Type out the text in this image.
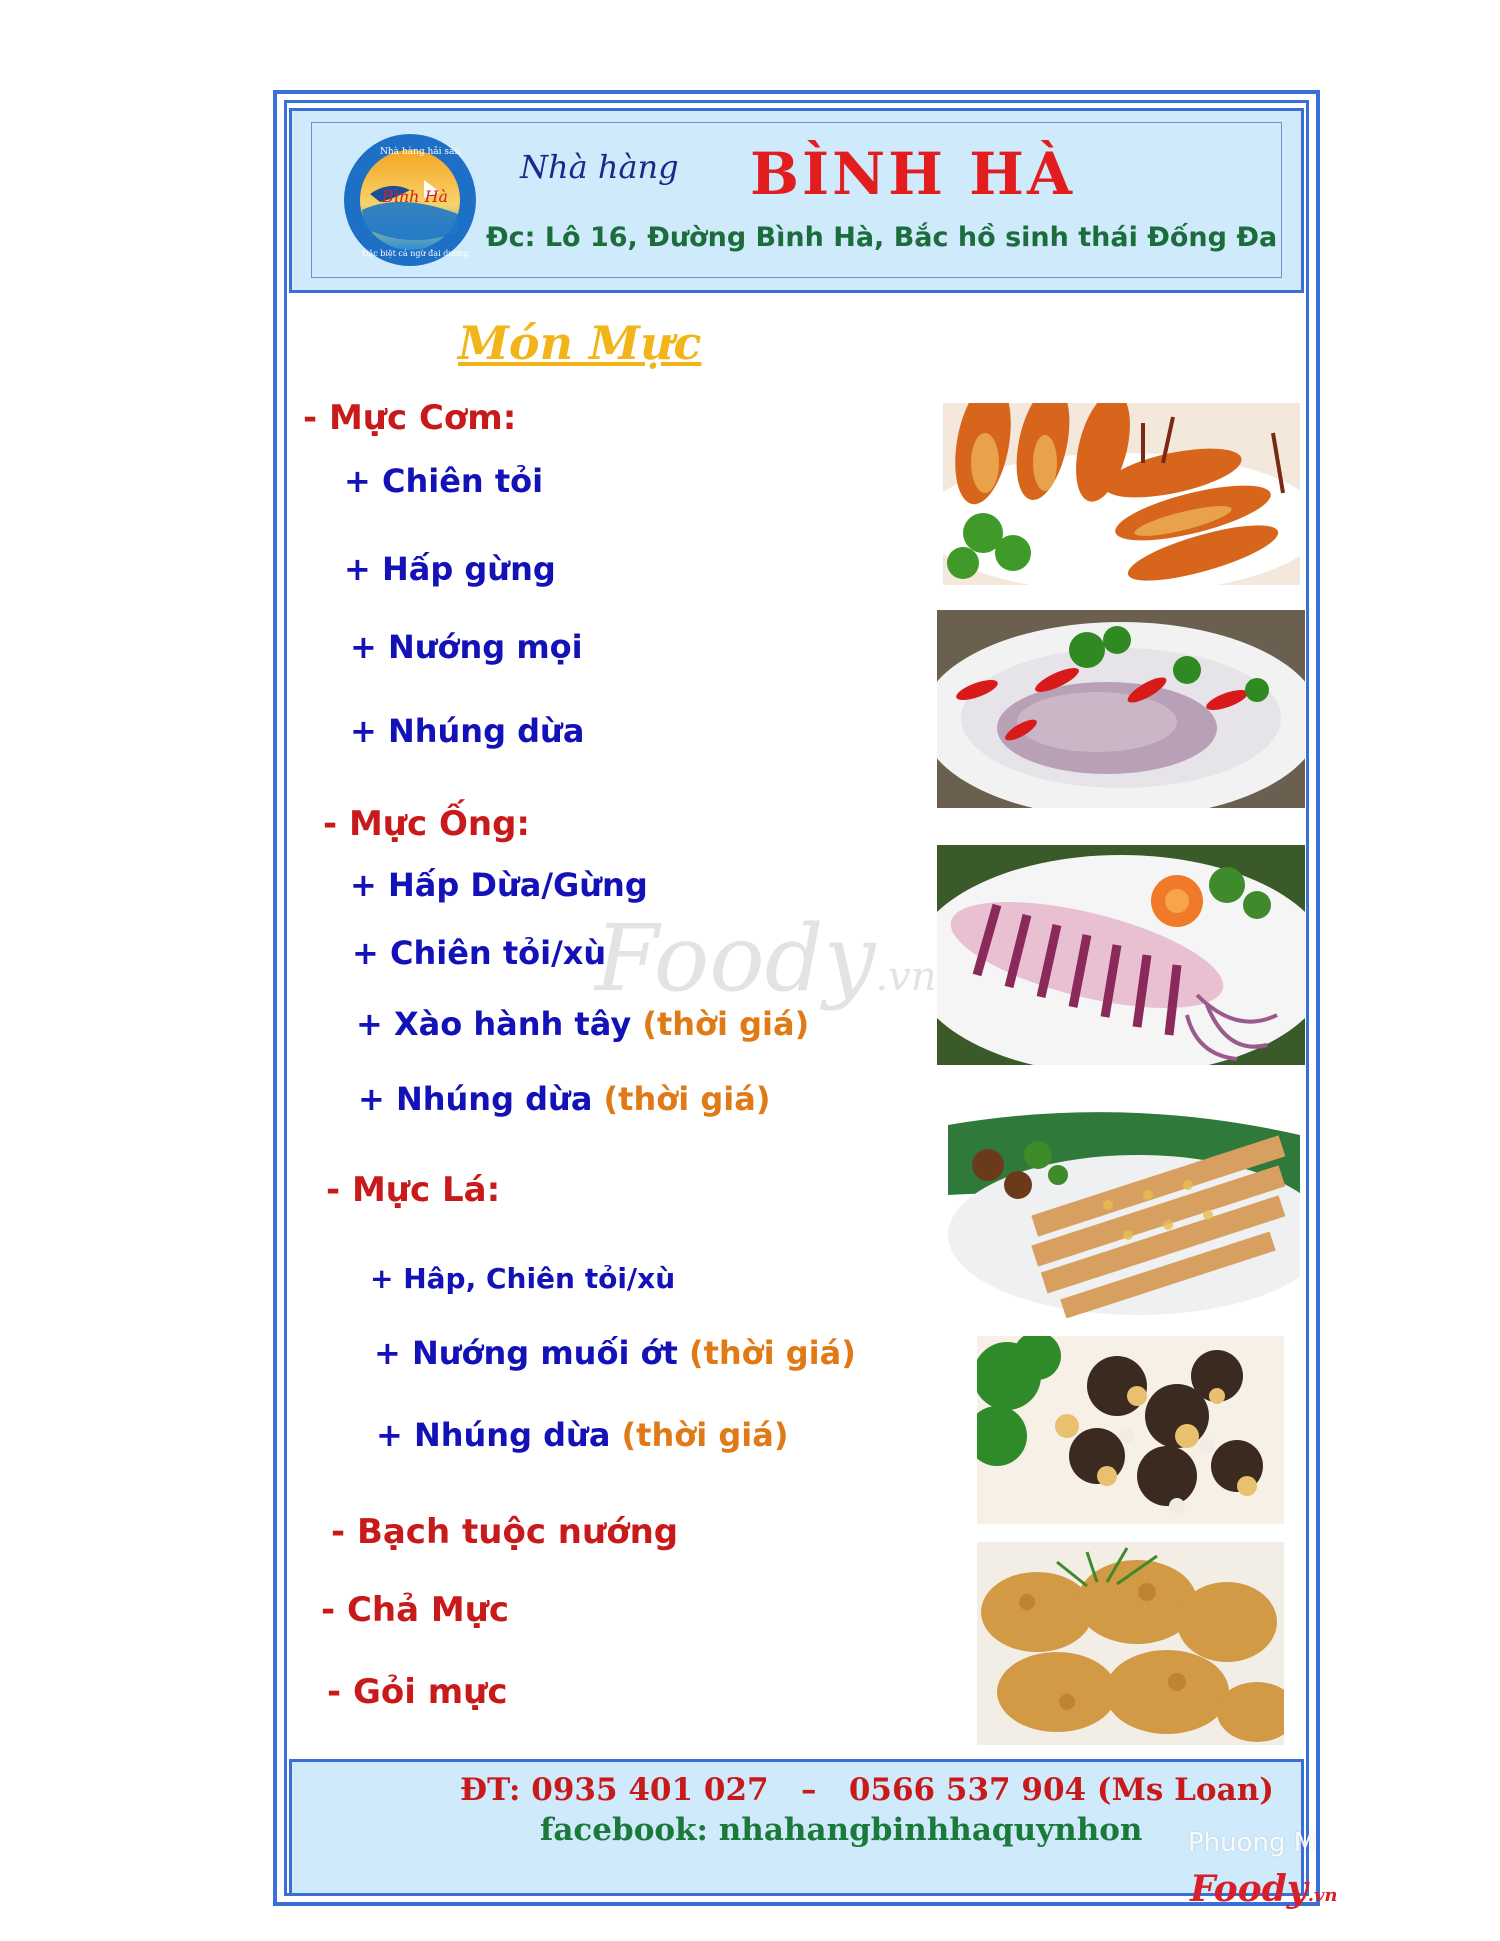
Bình Hà
Nhà hàng hải sản
Đặc biệt cá ngừ đại dương
Nhà hàng BÌNH HÀ
Đc: Lô 16, Đường Bình Hà, Bắc hồ sinh thái Đống Đa
Món Mực
- Mực Cơm:
+ Chiên tỏi
+ Hấp gừng
+ Nướng mọi
+ Nhúng dừa
- Mực Ống:
+ Hấp Dừa/Gừng
+ Chiên tỏi/xù
+ Xào hành tây (thời giá)
+ Nhúng dừa (thời giá)
- Mực Lá:
+ Hâp, Chiên tỏi/xù
+ Nướng muối ớt (thời giá)
+ Nhúng dừa (thời giá)
- Bạch tuộc nướng
- Chả Mực
- Gỏi mực
ĐT: 0935 401 027   –   0566 537 904 (Ms Loan)
facebook: nhahangbinhhaquynhon
Foody.vn
Phuong M
Foody.vn
